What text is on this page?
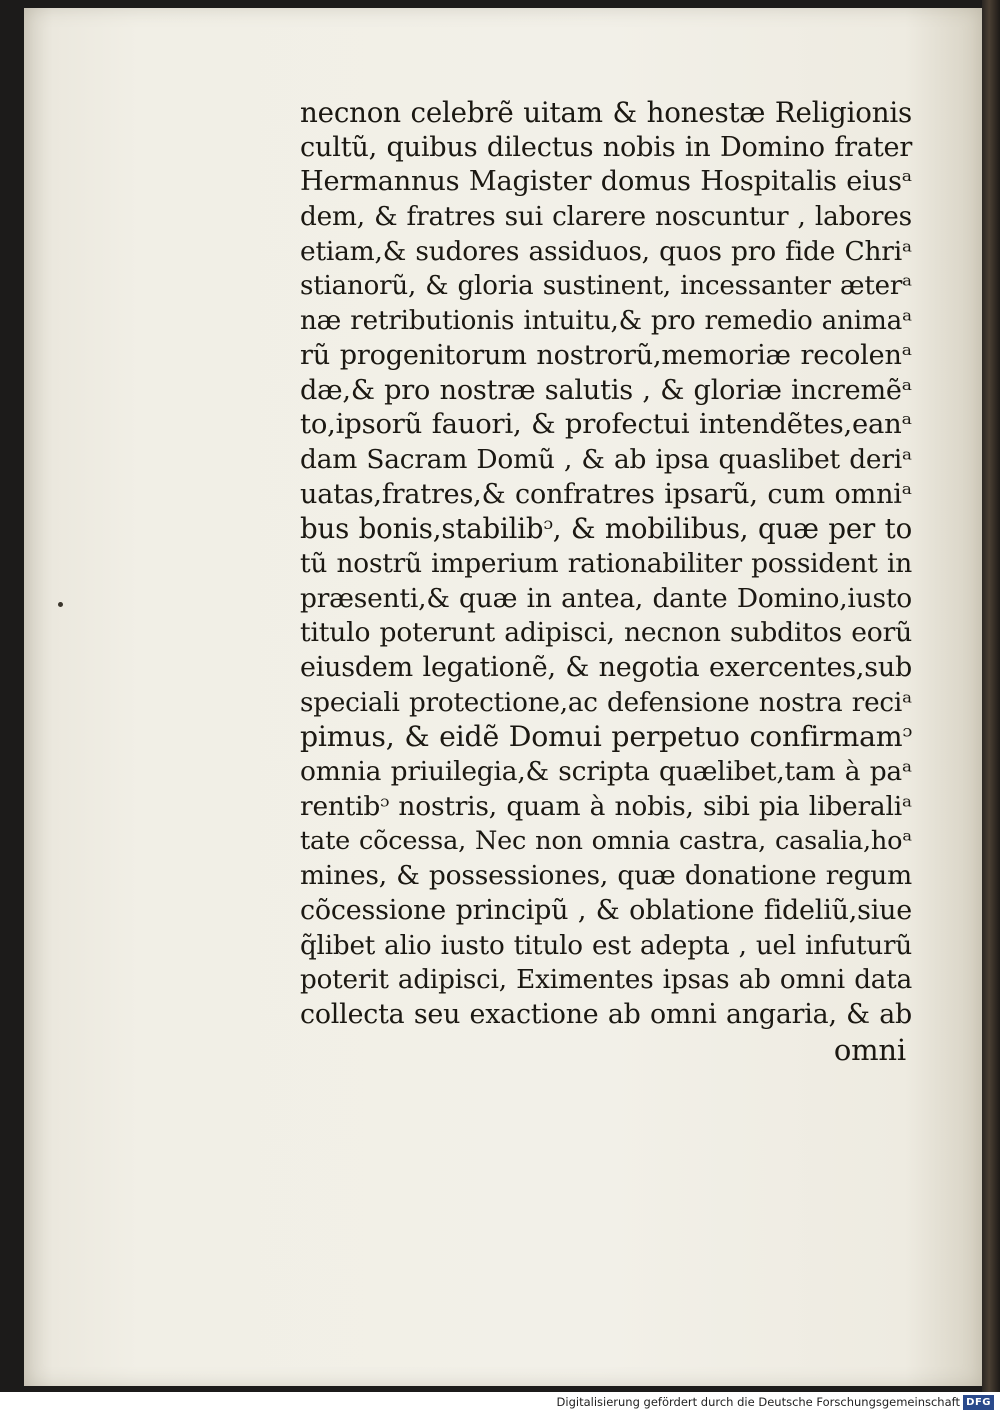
necnon celebrẽ uitam & honestæ Religionis
cultũ, quibus dilectus nobis in Domino frater
Hermannus Magister domus Hospitalis eiusᵃ
dem, & fratres sui clarere noscuntur , labores
etiam,& sudores assiduos, quos pro fide Chriᵃ
stianorũ, & gloria sustinent, incessanter æterᵃ
næ retributionis intuitu,& pro remedio animaᵃ
rũ progenitorum nostrorũ,memoriæ recolenᵃ
dæ,& pro nostræ salutis , & gloriæ incremẽᵃ
to,ipsorũ fauori, & profectui intendẽtes,eanᵃ
dam Sacram Domũ , & ab ipsa quaslibet deriᵃ
uatas,fratres,& confratres ipsarũ, cum omniᵃ
bus bonis,stabilibᵓ, & mobilibus, quæ per to
tũ nostrũ imperium rationabiliter possident in
præsenti,& quæ in antea, dante Domino,iusto
titulo poterunt adipisci, necnon subditos eorũ
eiusdem legationẽ, & negotia exercentes,sub
speciali protectione,ac defensione nostra reciᵃ
pimus, & eidẽ Domui perpetuo confirmamᵓ
omnia priuilegia,& scripta quælibet,tam à paᵃ
rentibᵓ nostris, quam à nobis, sibi pia liberaliᵃ
tate cõcessa, Nec non omnia castra, casalia,hoᵃ
mines, & possessiones, quæ donatione regum
cõcessione principũ , & oblatione fideliũ,siue
q̃libet alio iusto titulo est adepta , uel infuturũ
poterit adipisci, Eximentes ipsas ab omni data
collecta seu exactione ab omni angaria, & ab
omni
Digitalisierung gefördert durch die Deutsche Forschungsgemeinschaft DFG
